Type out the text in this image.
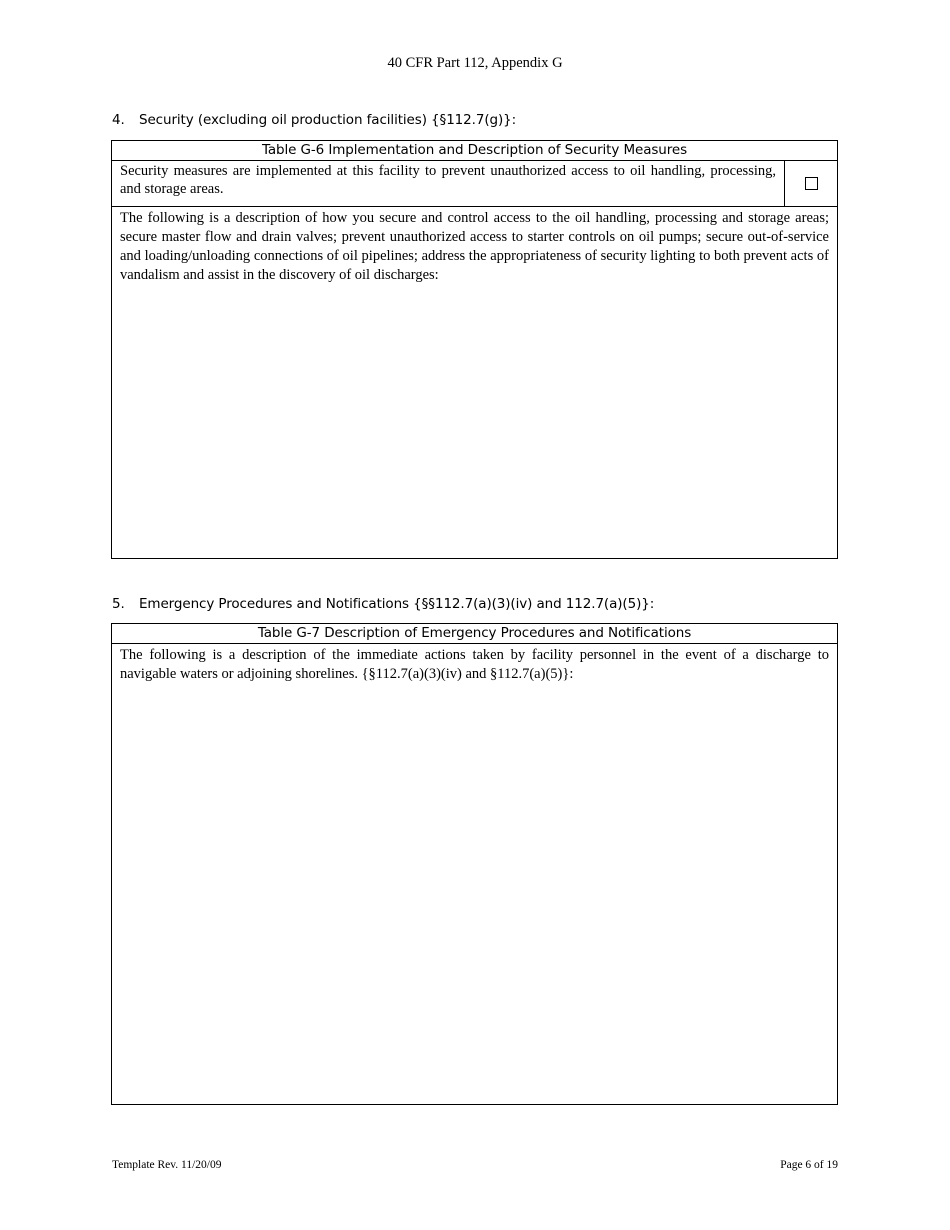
40 CFR Part 112, Appendix G
4. Security (excluding oil production facilities) {§112.7(g)}:
Table G-6 Implementation and Description of Security Measures
Security measures are implemented at this facility to prevent unauthorized access to oil handling, processing, and storage areas.
The following is a description of how you secure and control access to the oil handling, processing and storage areas; secure master flow and drain valves; prevent unauthorized access to starter controls on oil pumps; secure out-of-service and loading/unloading connections of oil pipelines; address the appropriateness of security lighting to both prevent acts of vandalism and assist in the discovery of oil discharges:
5. Emergency Procedures and Notifications {§§112.7(a)(3)(iv) and 112.7(a)(5)}:
Table G-7 Description of Emergency Procedures and Notifications
The following is a description of the immediate actions taken by facility personnel in the event of a discharge to navigable waters or adjoining shorelines. {§112.7(a)(3)(iv) and §112.7(a)(5)}:
Template Rev. 11/20/09	Page 6 of 19
